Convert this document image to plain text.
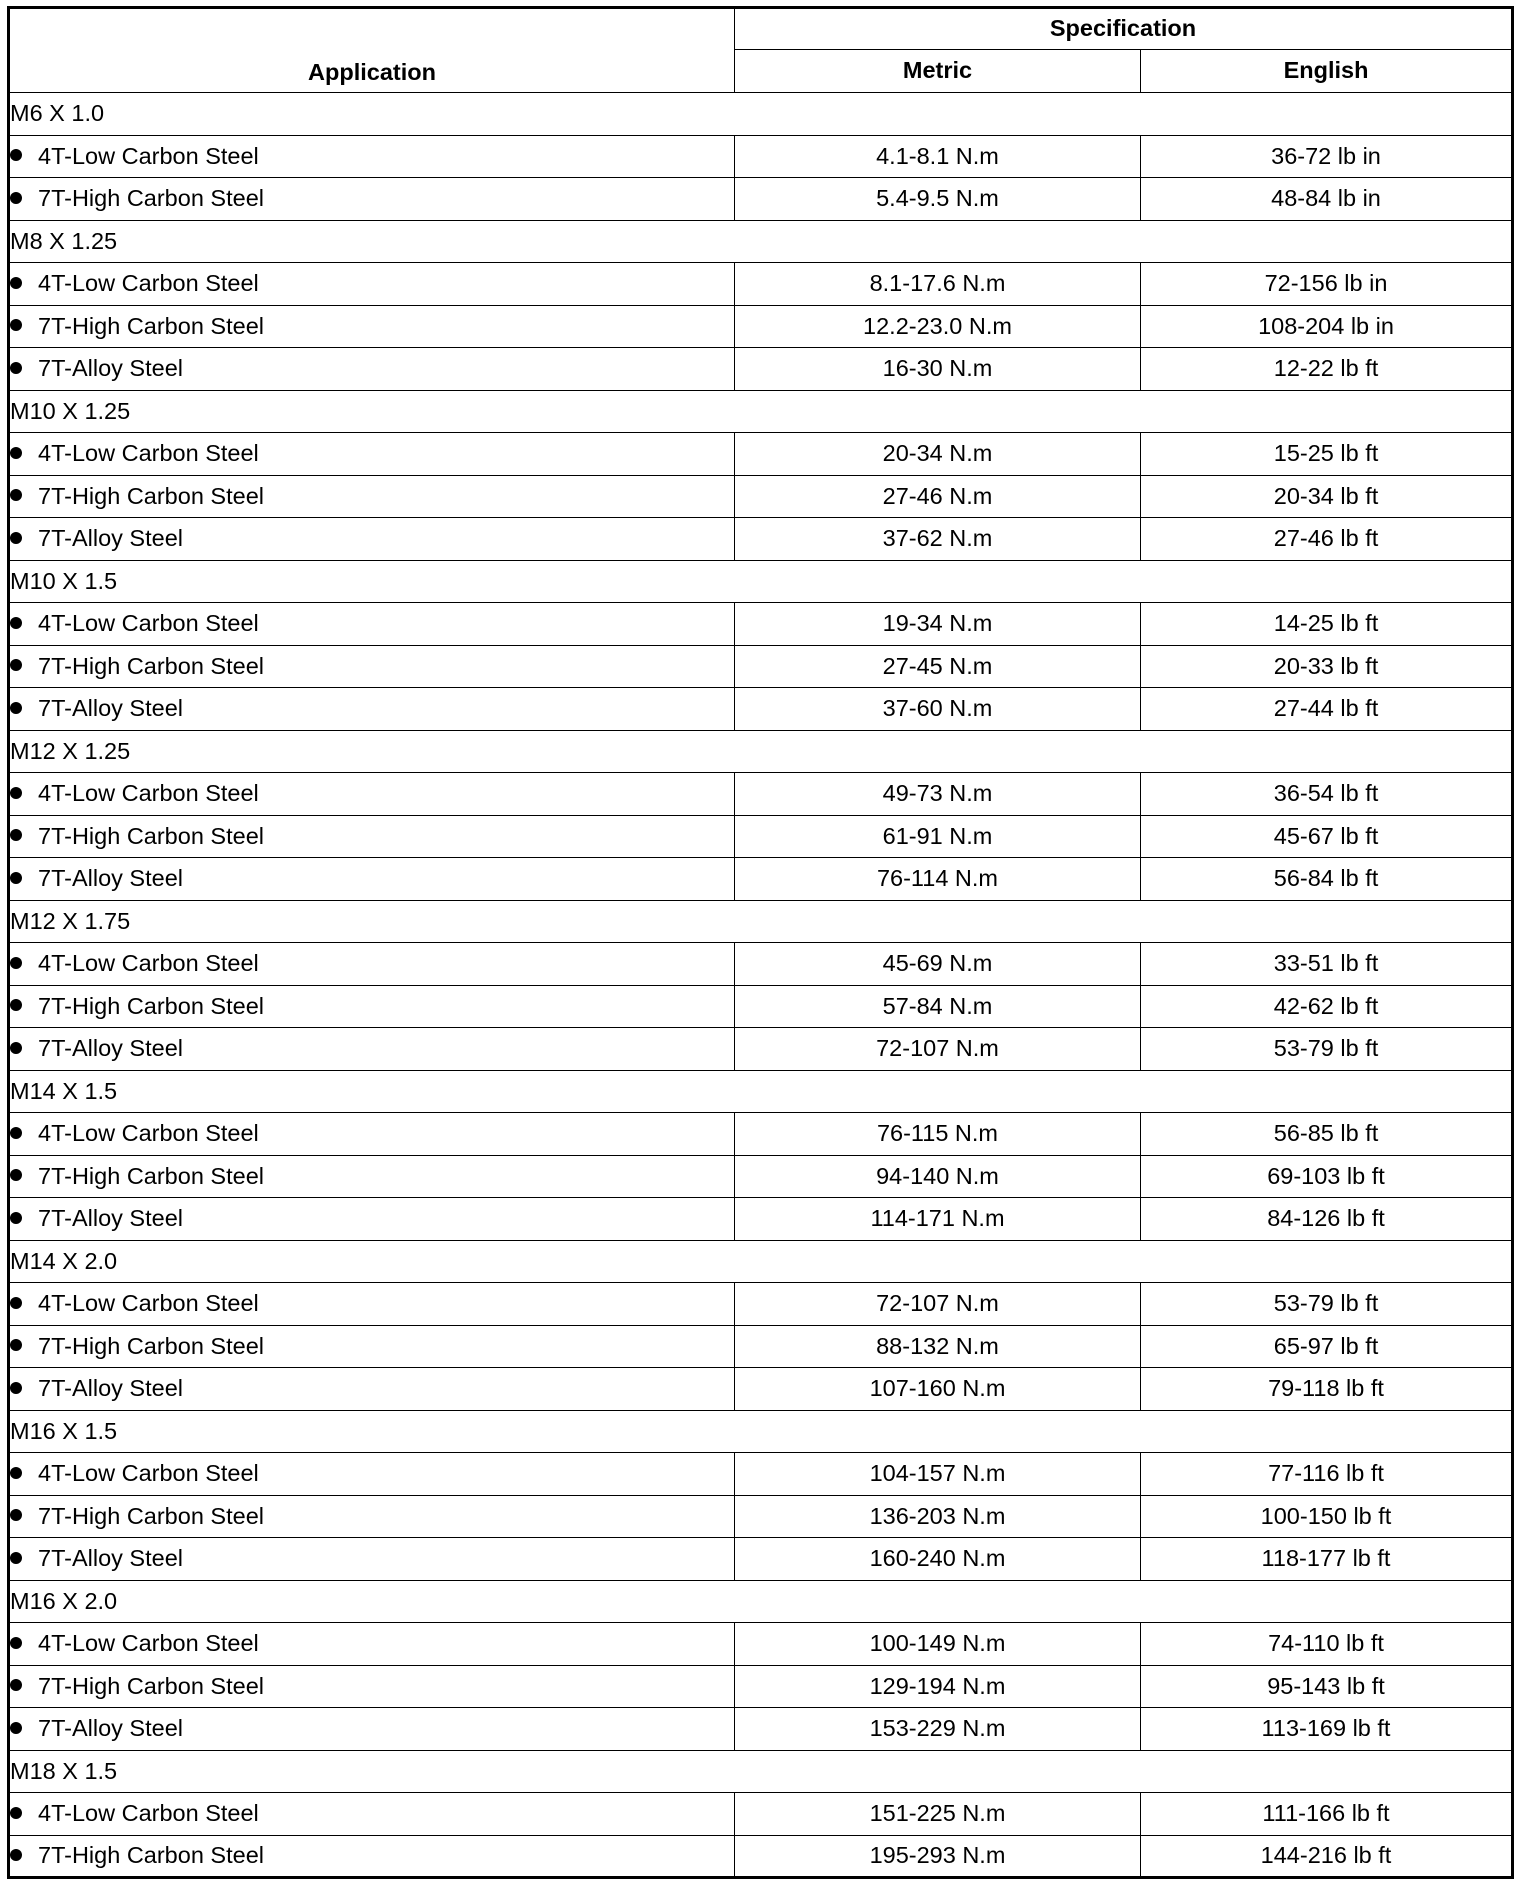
Application	Specification	
	Metric	English
M6 X 1.0		
4T-Low Carbon Steel	4.1-8.1 N.m	36-72 lb in
7T-High Carbon Steel	5.4-9.5 N.m	48-84 lb in
M8 X 1.25		
4T-Low Carbon Steel	8.1-17.6 N.m	72-156 lb in
7T-High Carbon Steel	12.2-23.0 N.m	108-204 lb in
7T-Alloy Steel	16-30 N.m	12-22 lb ft
M10 X 1.25		
4T-Low Carbon Steel	20-34 N.m	15-25 lb ft
7T-High Carbon Steel	27-46 N.m	20-34 lb ft
7T-Alloy Steel	37-62 N.m	27-46 lb ft
M10 X 1.5		
4T-Low Carbon Steel	19-34 N.m	14-25 lb ft
7T-High Carbon Steel	27-45 N.m	20-33 lb ft
7T-Alloy Steel	37-60 N.m	27-44 lb ft
M12 X 1.25		
4T-Low Carbon Steel	49-73 N.m	36-54 lb ft
7T-High Carbon Steel	61-91 N.m	45-67 lb ft
7T-Alloy Steel	76-114 N.m	56-84 lb ft
M12 X 1.75		
4T-Low Carbon Steel	45-69 N.m	33-51 lb ft
7T-High Carbon Steel	57-84 N.m	42-62 lb ft
7T-Alloy Steel	72-107 N.m	53-79 lb ft
M14 X 1.5		
4T-Low Carbon Steel	76-115 N.m	56-85 lb ft
7T-High Carbon Steel	94-140 N.m	69-103 lb ft
7T-Alloy Steel	114-171 N.m	84-126 lb ft
M14 X 2.0		
4T-Low Carbon Steel	72-107 N.m	53-79 lb ft
7T-High Carbon Steel	88-132 N.m	65-97 lb ft
7T-Alloy Steel	107-160 N.m	79-118 lb ft
M16 X 1.5		
4T-Low Carbon Steel	104-157 N.m	77-116 lb ft
7T-High Carbon Steel	136-203 N.m	100-150 lb ft
7T-Alloy Steel	160-240 N.m	118-177 lb ft
M16 X 2.0		
4T-Low Carbon Steel	100-149 N.m	74-110 lb ft
7T-High Carbon Steel	129-194 N.m	95-143 lb ft
7T-Alloy Steel	153-229 N.m	113-169 lb ft
M18 X 1.5		
4T-Low Carbon Steel	151-225 N.m	111-166 lb ft
7T-High Carbon Steel	195-293 N.m	144-216 lb ft
